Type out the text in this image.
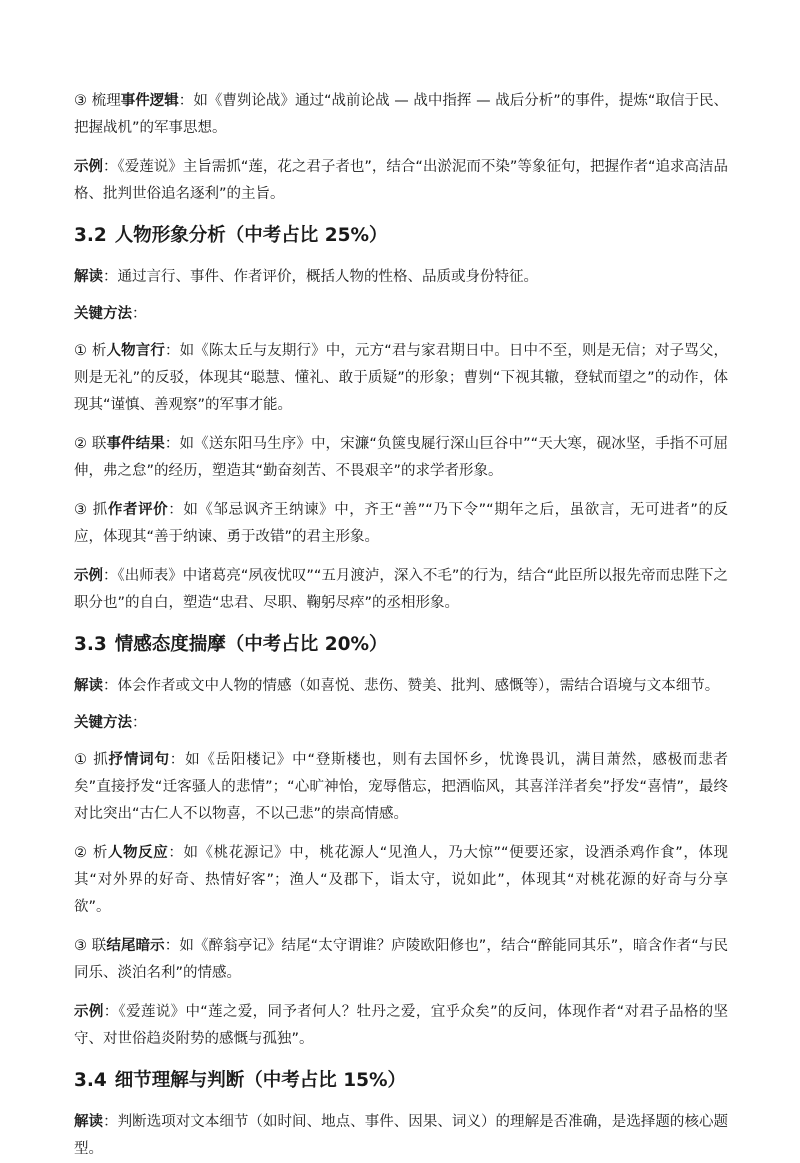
③ 梳理事件逻辑：如《曹刿论战》通过“战前论战 — 战中指挥 — 战后分析”的事件，提炼“取信于民、把握战机”的军事思想。

示例：《爱莲说》主旨需抓“莲，花之君子者也”，结合“出淤泥而不染”等象征句，把握作者“追求高洁品格、批判世俗追名逐利”的主旨。

3.2 人物形象分析（中考占比 25%）

解读：通过言行、事件、作者评价，概括人物的性格、品质或身份特征。

关键方法：

① 析人物言行：如《陈太丘与友期行》中，元方“君与家君期日中。日中不至，则是无信；对子骂父，则是无礼”的反驳，体现其“聪慧、懂礼、敢于质疑”的形象；曹刿“下视其辙，登轼而望之”的动作，体现其“谨慎、善观察”的军事才能。

② 联事件结果：如《送东阳马生序》中，宋濂“负箧曳屣行深山巨谷中”“天大寒，砚冰坚，手指不可屈伸，弗之怠”的经历，塑造其“勤奋刻苦、不畏艰辛”的求学者形象。

③ 抓作者评价：如《邹忌讽齐王纳谏》中，齐王“善”“乃下令”“期年之后，虽欲言，无可进者”的反应，体现其“善于纳谏、勇于改错”的君主形象。

示例：《出师表》中诸葛亮“夙夜忧叹”“五月渡泸，深入不毛”的行为，结合“此臣所以报先帝而忠陛下之职分也”的自白，塑造“忠君、尽职、鞠躬尽瘁”的丞相形象。

3.3 情感态度揣摩（中考占比 20%）

解读：体会作者或文中人物的情感（如喜悦、悲伤、赞美、批判、感慨等），需结合语境与文本细节。

关键方法：

① 抓抒情词句：如《岳阳楼记》中“登斯楼也，则有去国怀乡，忧谗畏讥，满目萧然，感极而悲者矣”直接抒发“迁客骚人的悲情”；“心旷神怡，宠辱偕忘，把酒临风，其喜洋洋者矣”抒发“喜情”，最终对比突出“古仁人不以物喜，不以己悲”的崇高情感。

② 析人物反应：如《桃花源记》中，桃花源人“见渔人，乃大惊”“便要还家，设酒杀鸡作食”，体现其“对外界的好奇、热情好客”；渔人“及郡下，诣太守，说如此”，体现其“对桃花源的好奇与分享欲”。

③ 联结尾暗示：如《醉翁亭记》结尾“太守谓谁？庐陵欧阳修也”，结合“醉能同其乐”，暗含作者“与民同乐、淡泊名利”的情感。

示例：《爱莲说》中“莲之爱，同予者何人？牡丹之爱，宜乎众矣”的反问，体现作者“对君子品格的坚守、对世俗趋炎附势的感慨与孤独”。

3.4 细节理解与判断（中考占比 15%）

解读：判断选项对文本细节（如时间、地点、事件、因果、词义）的理解是否准确，是选择题的核心题型。
